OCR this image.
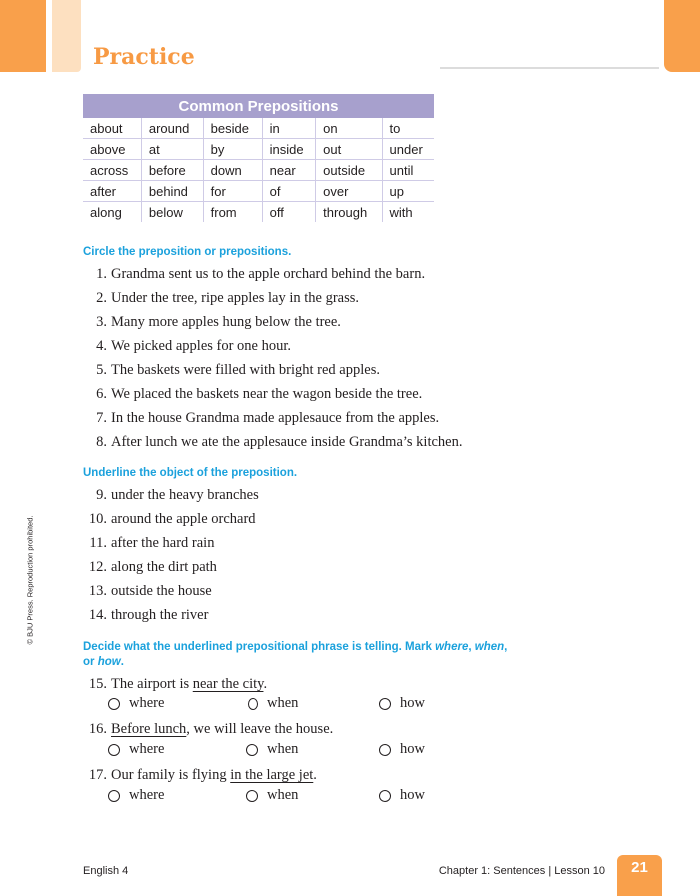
Practice
Common Prepositions					
about	around	beside	in	on	to
above	at	by	inside	out	under
across	before	down	near	outside	until
after	behind	for	of	over	up
along	below	from	off	through	with
Circle the preposition or prepositions.
1. Grandma sent us to the apple orchard behind the barn.
2. Under the tree, ripe apples lay in the grass.
3. Many more apples hung below the tree.
4. We picked apples for one hour.
5. The baskets were filled with bright red apples.
6. We placed the baskets near the wagon beside the tree.
7. In the house Grandma made applesauce from the apples.
8. After lunch we ate the applesauce inside Grandma’s kitchen.
Underline the object of the preposition.
9. under the heavy branches
10. around the apple orchard
11. after the hard rain
12. along the dirt path
13. outside the house
14. through the river
Decide what the underlined prepositional phrase is telling. Mark where, when,
or how.
15. The airport is near the city.
where	when	how
16. Before lunch, we will leave the house.
where	when	how
17. Our family is flying in the large jet.
where	when	how
© BJU Press. Reproduction prohibited.
English 4	Chapter 1: Sentences | Lesson 10	21
